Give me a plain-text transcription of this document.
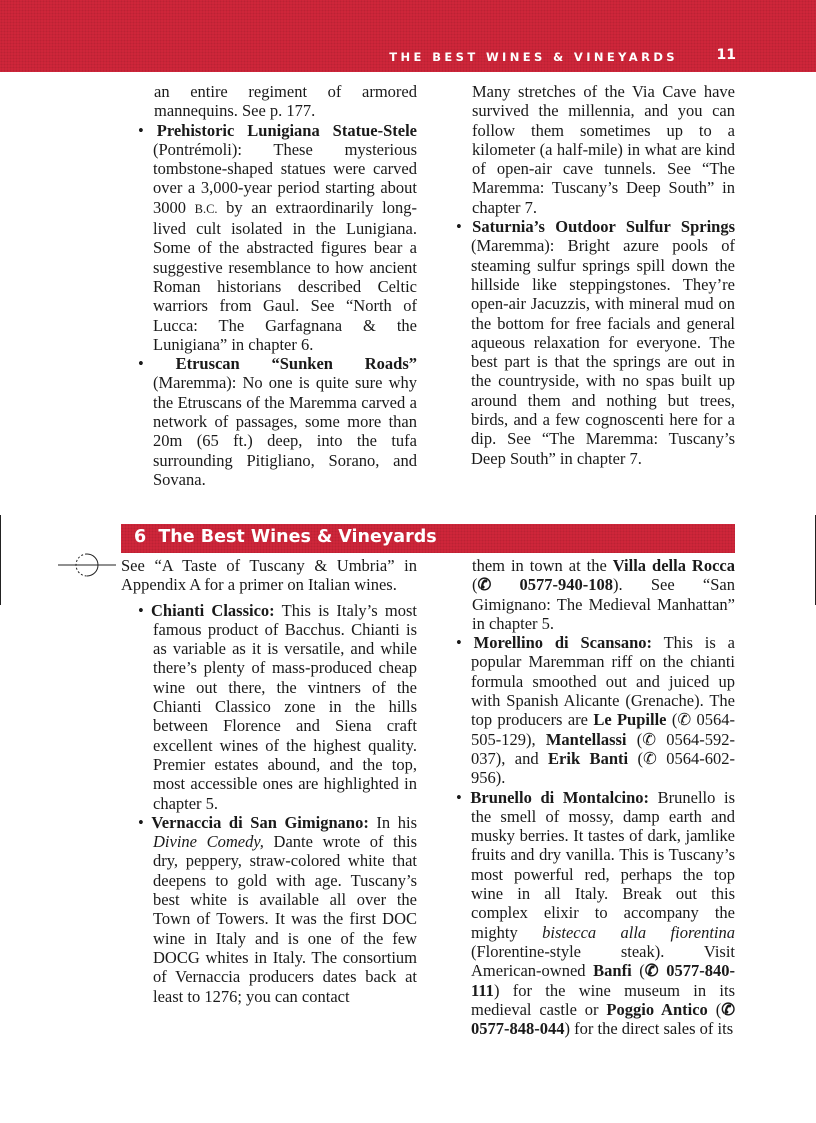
THE BEST WINES & VINEYARDS	11

an entire regiment of armored mannequins. See p. 177.

• Prehistoric Lunigiana Statue-Stele (Pontrémoli): These mysterious tombstone-shaped statues were carved over a 3,000-year period starting about 3000 B.C. by an extraordinarily long-lived cult isolated in the Lunigiana. Some of the abstracted figures bear a suggestive resemblance to how ancient Roman historians described Celtic warriors from Gaul. See “North of Lucca: The Garfagnana & the Lunigiana” in chapter 6.

• Etruscan “Sunken Roads” (Maremma): No one is quite sure why the Etruscans of the Maremma carved a network of passages, some more than 20m (65 ft.) deep, into the tufa surrounding Pitigliano, Sorano, and Sovana.

Many stretches of the Via Cave have survived the millennia, and you can follow them sometimes up to a kilometer (a half-mile) in what are kind of open-air cave tunnels. See “The Maremma: Tuscany’s Deep South” in chapter 7.

• Saturnia’s Outdoor Sulfur Springs (Maremma): Bright azure pools of steaming sulfur springs spill down the hillside like steppingstones. They’re open-air Jacuzzis, with mineral mud on the bottom for free facials and general aqueous relaxation for everyone. The best part is that the springs are out in the countryside, with no spas built up around them and nothing but trees, birds, and a few cognoscenti here for a dip. See “The Maremma: Tuscany’s Deep South” in chapter 7.

6 The Best Wines & Vineyards

See “A Taste of Tuscany & Umbria” in Appendix A for a primer on Italian wines.

• Chianti Classico: This is Italy’s most famous product of Bacchus. Chianti is as variable as it is versatile, and while there’s plenty of mass-produced cheap wine out there, the vintners of the Chianti Classico zone in the hills between Florence and Siena craft excellent wines of the highest quality. Premier estates abound, and the top, most accessible ones are highlighted in chapter 5.

• Vernaccia di San Gimignano: In his Divine Comedy, Dante wrote of this dry, peppery, straw-colored white that deepens to gold with age. Tuscany’s best white is available all over the Town of Towers. It was the first DOC wine in Italy and is one of the few DOCG whites in Italy. The consortium of Vernaccia producers dates back at least to 1276; you can contact

them in town at the Villa della Rocca (✆ 0577-940-108). See “San Gimignano: The Medieval Manhattan” in chapter 5.

• Morellino di Scansano: This is a popular Maremman riff on the chianti formula smoothed out and juiced up with Spanish Alicante (Grenache). The top producers are Le Pupille (✆ 0564-505-129), Mantellassi (✆ 0564-592-037), and Erik Banti (✆ 0564-602-956).

• Brunello di Montalcino: Brunello is the smell of mossy, damp earth and musky berries. It tastes of dark, jamlike fruits and dry vanilla. This is Tuscany’s most powerful red, perhaps the top wine in all Italy. Break out this complex elixir to accompany the mighty bistecca alla fiorentina (Florentine-style steak). Visit American-owned Banfi (✆ 0577-840-111) for the wine museum in its medieval castle or Poggio Antico (✆ 0577-848-044) for the direct sales of its
